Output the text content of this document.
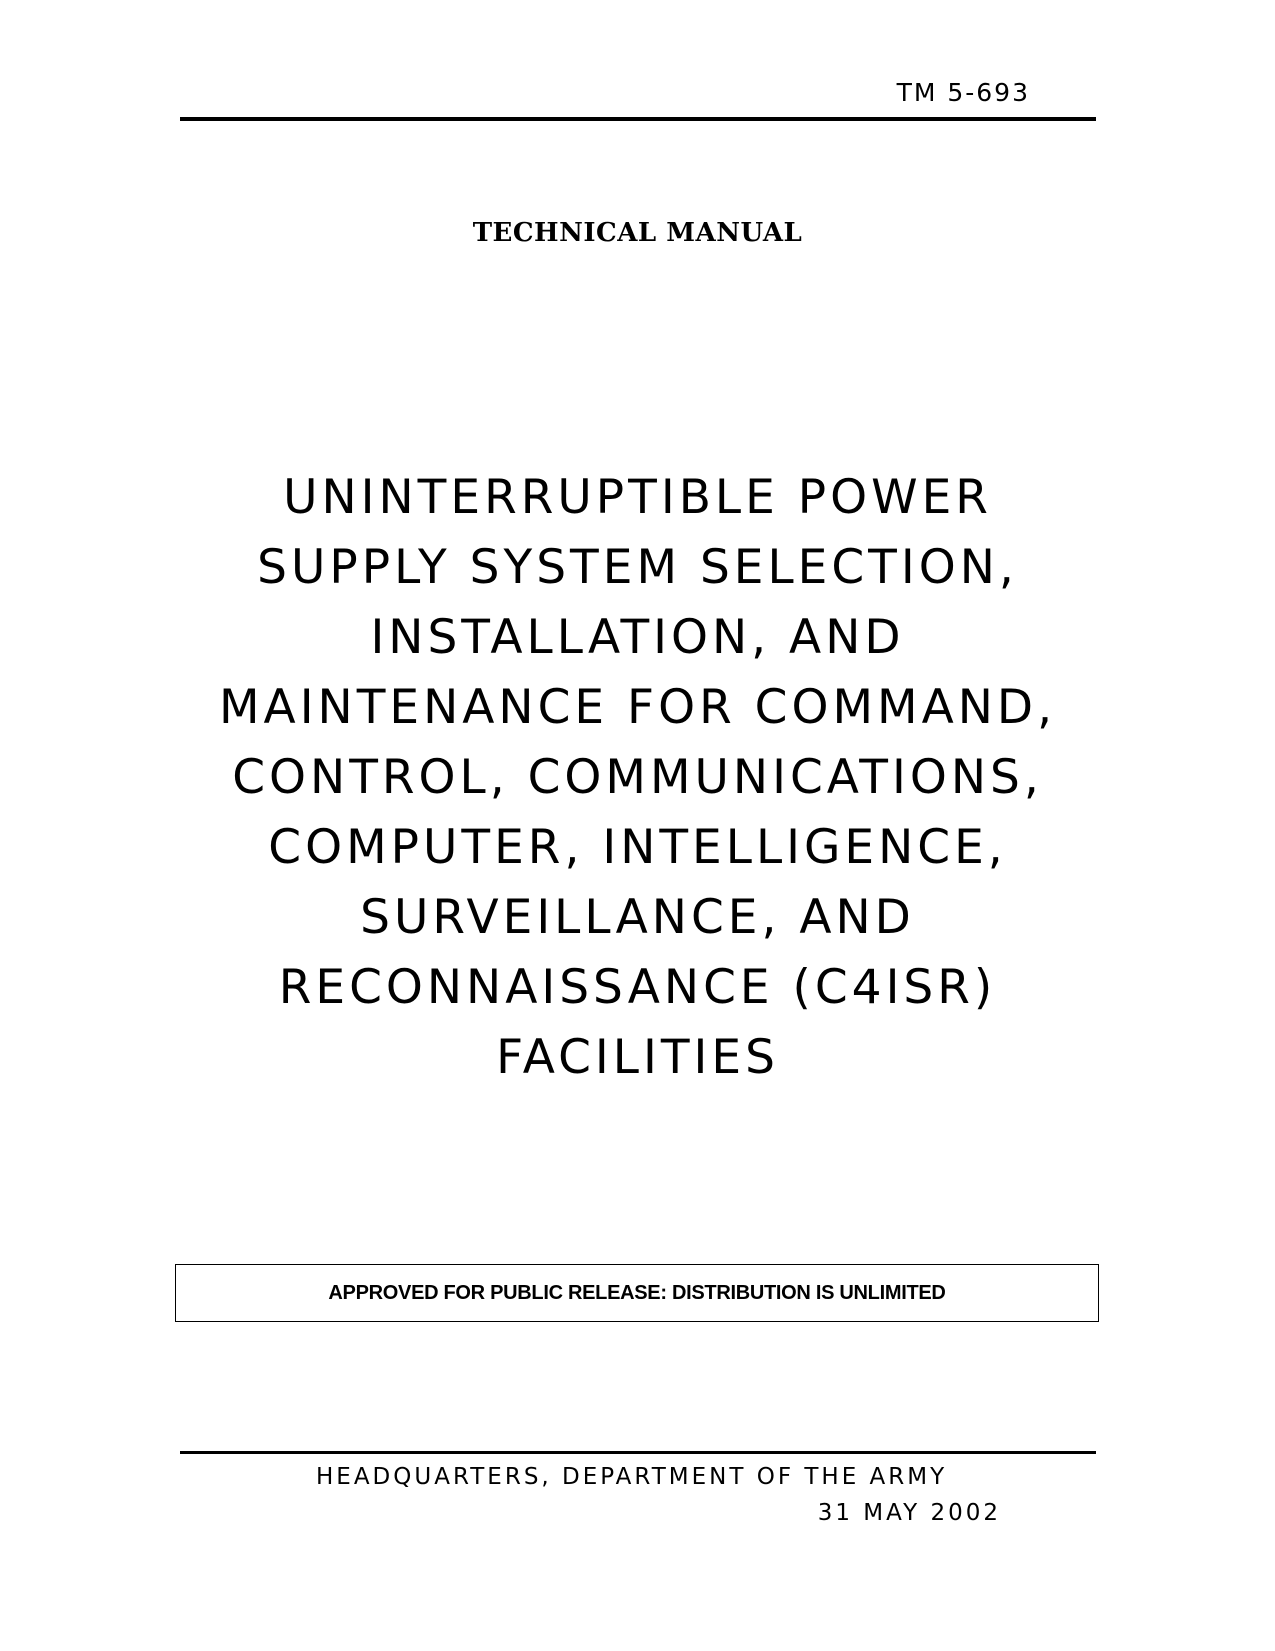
TM 5-693

TECHNICAL MANUAL

UNINTERRUPTIBLE POWER
SUPPLY SYSTEM SELECTION,
INSTALLATION, AND
MAINTENANCE FOR COMMAND,
CONTROL, COMMUNICATIONS,
COMPUTER, INTELLIGENCE,
SURVEILLANCE, AND
RECONNAISSANCE (C4ISR)
FACILITIES
APPROVED FOR PUBLIC RELEASE: DISTRIBUTION IS UNLIMITED

HEADQUARTERS, DEPARTMENT OF THE ARMY

31 MAY 2002
